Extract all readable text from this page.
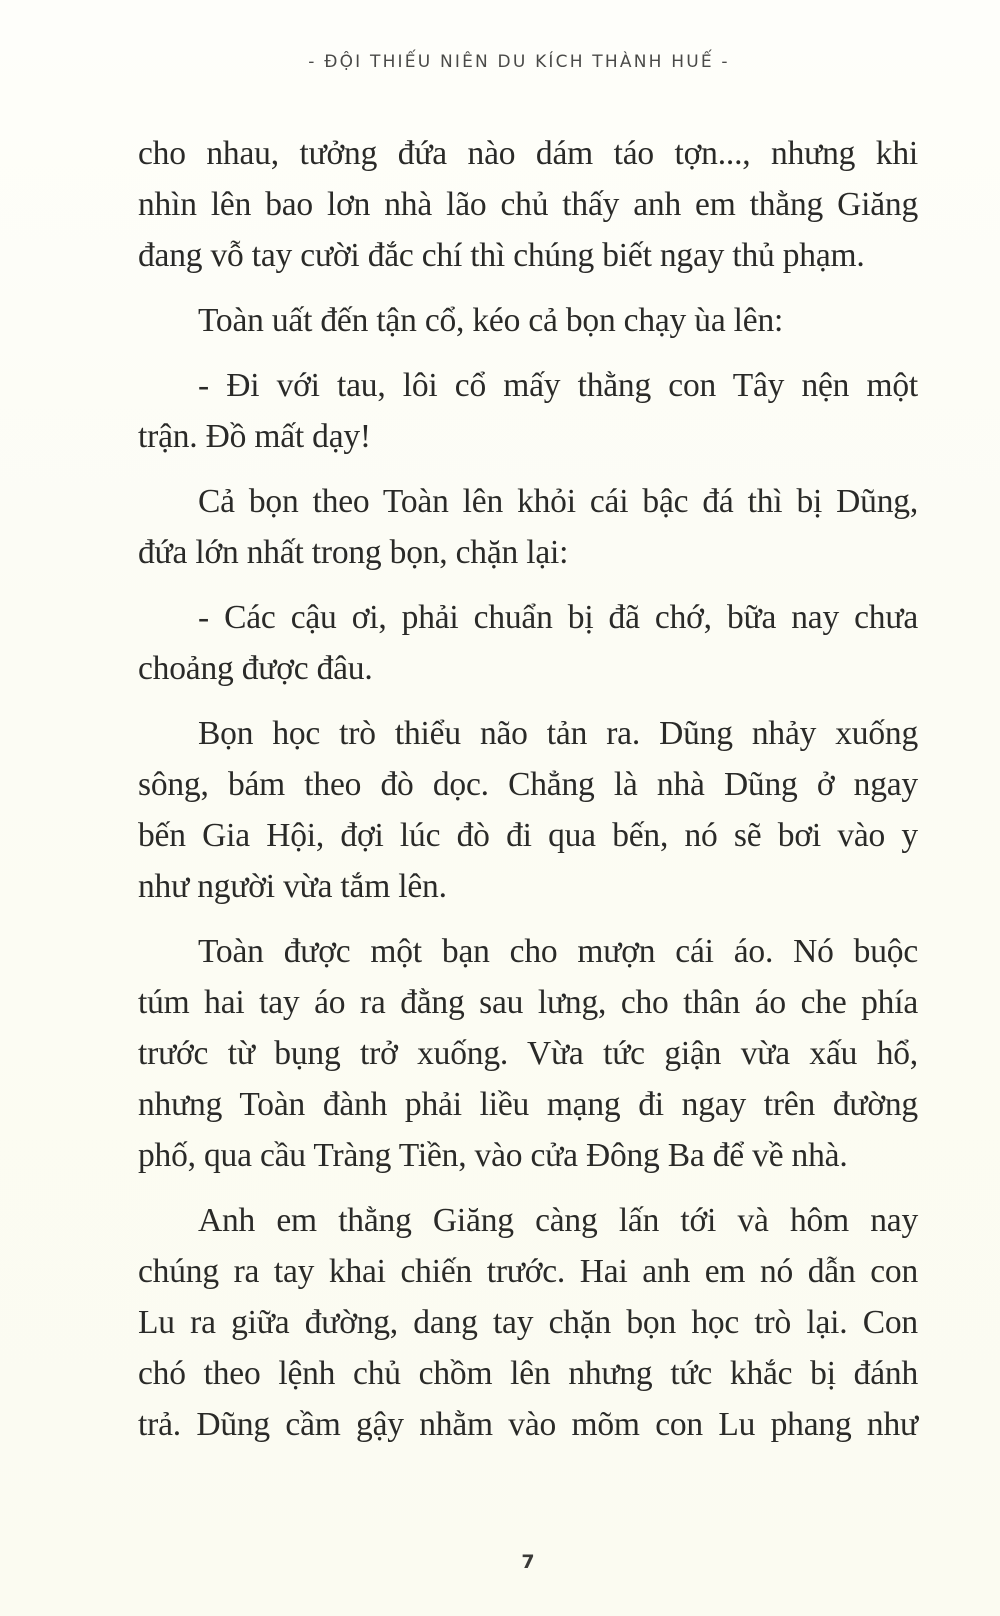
- ĐỘI THIẾU NIÊN DU KÍCH THÀNH HUẾ -
cho nhau, tưởng đứa nào dám táo tợn..., nhưng khi
nhìn lên bao lơn nhà lão chủ thấy anh em thằng Giăng
đang vỗ tay cười đắc chí thì chúng biết ngay thủ phạm.
Toàn uất đến tận cổ, kéo cả bọn chạy ùa lên:
- Đi với tau, lôi cổ mấy thằng con Tây nện một
trận. Đồ mất dạy!
Cả bọn theo Toàn lên khỏi cái bậc đá thì bị Dũng,
đứa lớn nhất trong bọn, chặn lại:
- Các cậu ơi, phải chuẩn bị đã chớ, bữa nay chưa
choảng được đâu.
Bọn học trò thiểu não tản ra. Dũng nhảy xuống
sông, bám theo đò dọc. Chẳng là nhà Dũng ở ngay
bến Gia Hội, đợi lúc đò đi qua bến, nó sẽ bơi vào y
như người vừa tắm lên.
Toàn được một bạn cho mượn cái áo. Nó buộc
túm hai tay áo ra đằng sau lưng, cho thân áo che phía
trước từ bụng trở xuống. Vừa tức giận vừa xấu hổ,
nhưng Toàn đành phải liều mạng đi ngay trên đường
phố, qua cầu Tràng Tiền, vào cửa Đông Ba để về nhà.
Anh em thằng Giăng càng lấn tới và hôm nay
chúng ra tay khai chiến trước. Hai anh em nó dẫn con
Lu ra giữa đường, dang tay chặn bọn học trò lại. Con
chó theo lệnh chủ chồm lên nhưng tức khắc bị đánh
trả. Dũng cầm gậy nhằm vào mõm con Lu phang như
7
